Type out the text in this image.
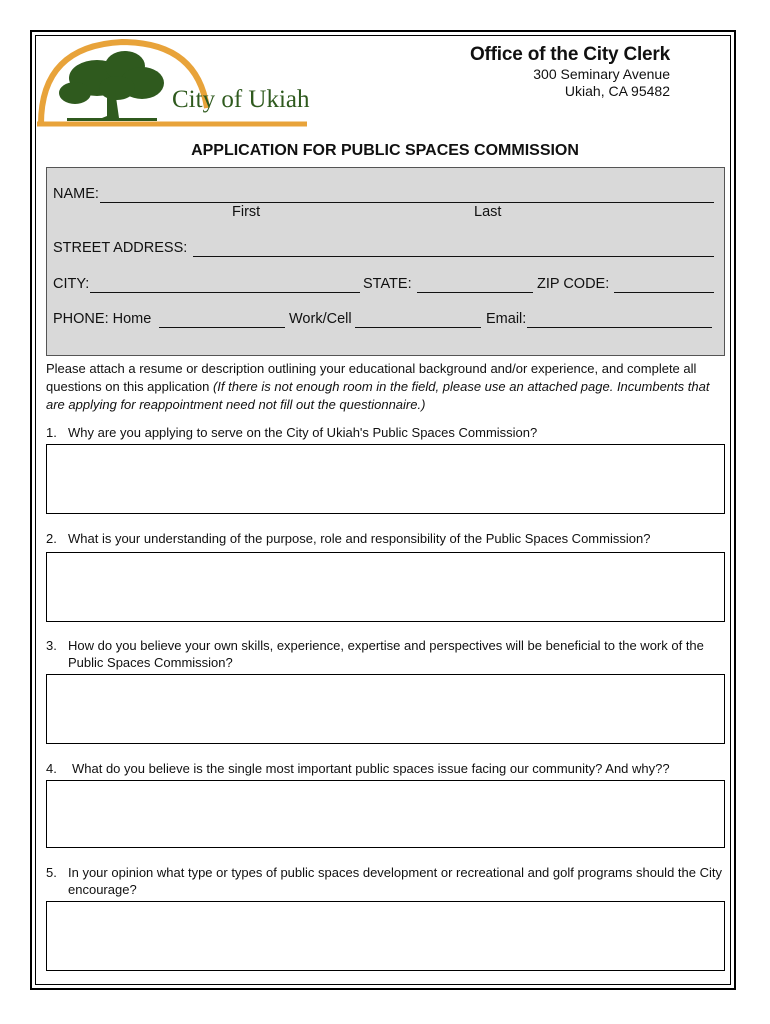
City of Ukiah
Office of the City Clerk
300 Seminary Avenue
Ukiah, CA 95482
APPLICATION FOR PUBLIC SPACES COMMISSION
NAME:
First	Last
STREET ADDRESS:
CITY:	STATE:	ZIP CODE:
PHONE: Home	Work/Cell	Email:
Please attach a resume or description outlining your educational background and/or experience, and complete all questions on this application (If there is not enough room in the field, please use an attached page. Incumbents that are applying for reappointment need not fill out the questionnaire.)
1. Why are you applying to serve on the City of Ukiah's Public Spaces Commission?
2. What is your understanding of the purpose, role and responsibility of the Public Spaces Commission?
3. How do you believe your own skills, experience, expertise and perspectives will be beneficial to the work of the Public Spaces Commission?
4. What do you believe is the single most important public spaces issue facing our community? And why??
5. In your opinion what type or types of public spaces development or recreational and golf programs should the City encourage?
